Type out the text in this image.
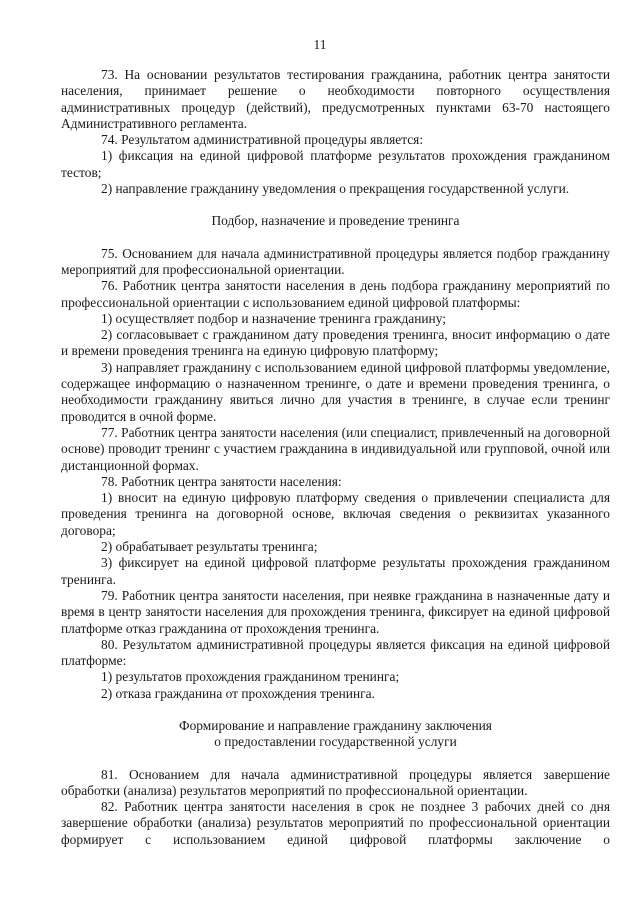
11

73. На основании результатов тестирования гражданина, работник центра занятости населения, принимает решение о необходимости повторного осуществления административных процедур (действий), предусмотренных пунктами 63-70 настоящего Административного регламента.

74. Результатом административной процедуры является:

1) фиксация на единой цифровой платформе результатов прохождения гражданином тестов;

2) направление гражданину уведомления о прекращения государственной услуги.

Подбор, назначение и проведение тренинга

75. Основанием для начала административной процедуры является подбор гражданину мероприятий для профессиональной ориентации.

76. Работник центра занятости населения в день подбора гражданину мероприятий по профессиональной ориентации с использованием единой цифровой платформы:

1) осуществляет подбор и назначение тренинга гражданину;

2) согласовывает с гражданином дату проведения тренинга, вносит информацию о дате и времени проведения тренинга на единую цифровую платформу;

3) направляет гражданину с использованием единой цифровой платформы уведомление, содержащее информацию о назначенном тренинге, о дате и времени проведения тренинга, о необходимости гражданину явиться лично для участия в тренинге, в случае если тренинг проводится в очной форме.

77. Работник центра занятости населения (или специалист, привлеченный на договорной основе) проводит тренинг с участием гражданина в индивидуальной или групповой, очной или дистанционной формах.

78. Работник центра занятости населения:

1) вносит на единую цифровую платформу сведения о привлечении специалиста для проведения тренинга на договорной основе, включая сведения о реквизитах указанного договора;

2) обрабатывает результаты тренинга;

3) фиксирует на единой цифровой платформе результаты прохождения гражданином тренинга.

79. Работник центра занятости населения, при неявке гражданина в назначенные дату и время в центр занятости населения для прохождения тренинга, фиксирует на единой цифровой платформе отказ гражданина от прохождения тренинга.

80. Результатом административной процедуры является фиксация на единой цифровой платформе:

1) результатов прохождения гражданином тренинга;

2) отказа гражданина от прохождения тренинга.

Формирование и направление гражданину заключения

о предоставлении государственной услуги

81. Основанием для начала административной процедуры является завершение обработки (анализа) результатов мероприятий по профессиональной ориентации.

82. Работник центра занятости населения в срок не позднее 3 рабочих дней со дня завершение обработки (анализа) результатов мероприятий по профессиональной ориентации формирует с использованием единой цифровой платформы заключение о
